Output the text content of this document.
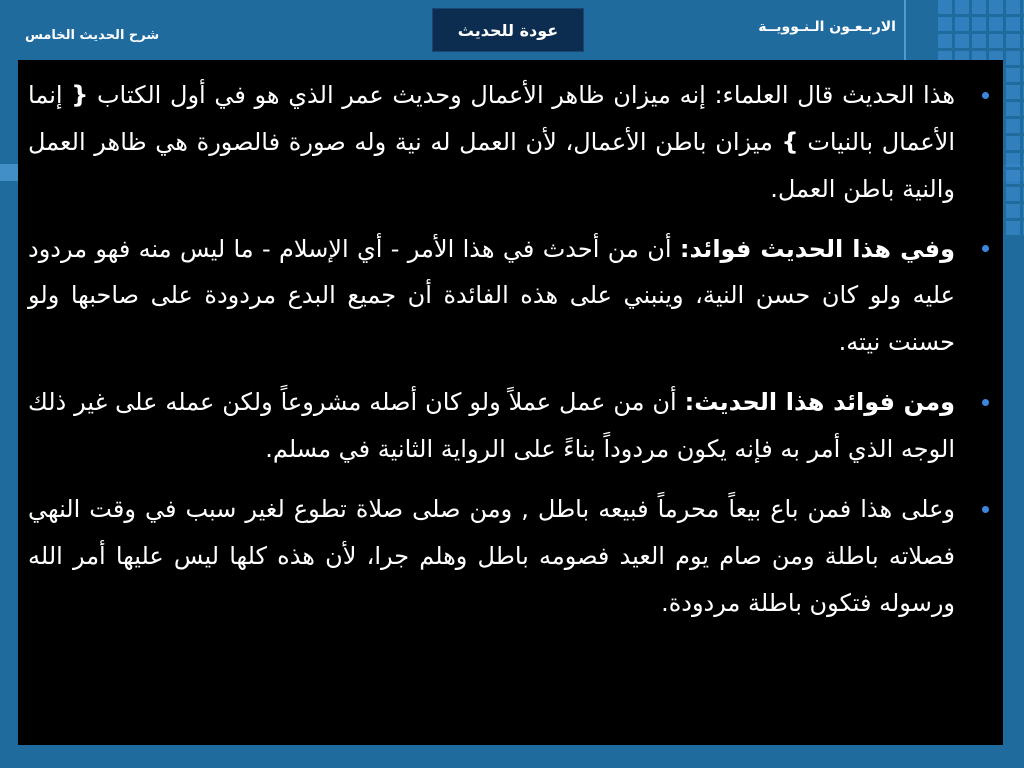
الاربـعـون الـنـوويــة
عودة للحديث
شرح الحديث الخامس
هذا الحديث قال العلماء: إنه ميزان ظاهر الأعمال وحديث عمر الذي هو في أول الكتاب { إنما الأعمال بالنيات } ميزان باطن الأعمال، لأن العمل له نية وله صورة فالصورة هي ظاهر العمل والنية باطن العمل.
وفي هذا الحديث فوائد: أن من أحدث في هذا الأمر - أي الإسلام - ما ليس منه فهو مردود عليه ولو كان حسن النية، وينبني على هذه الفائدة أن جميع البدع مردودة على صاحبها ولو حسنت نيته.
ومن فوائد هذا الحديث: أن من عمل عملاً ولو كان أصله مشروعاً ولكن عمله على غير ذلك الوجه الذي أمر به فإنه يكون مردوداً بناءً على الرواية الثانية في مسلم.
وعلى هذا فمن باع بيعاً محرماً فبيعه باطل , ومن صلى صلاة تطوع لغير سبب في وقت النهي فصلاته باطلة ومن صام يوم العيد فصومه باطل وهلم جرا، لأن هذه كلها ليس عليها أمر الله ورسوله فتكون باطلة مردودة.
